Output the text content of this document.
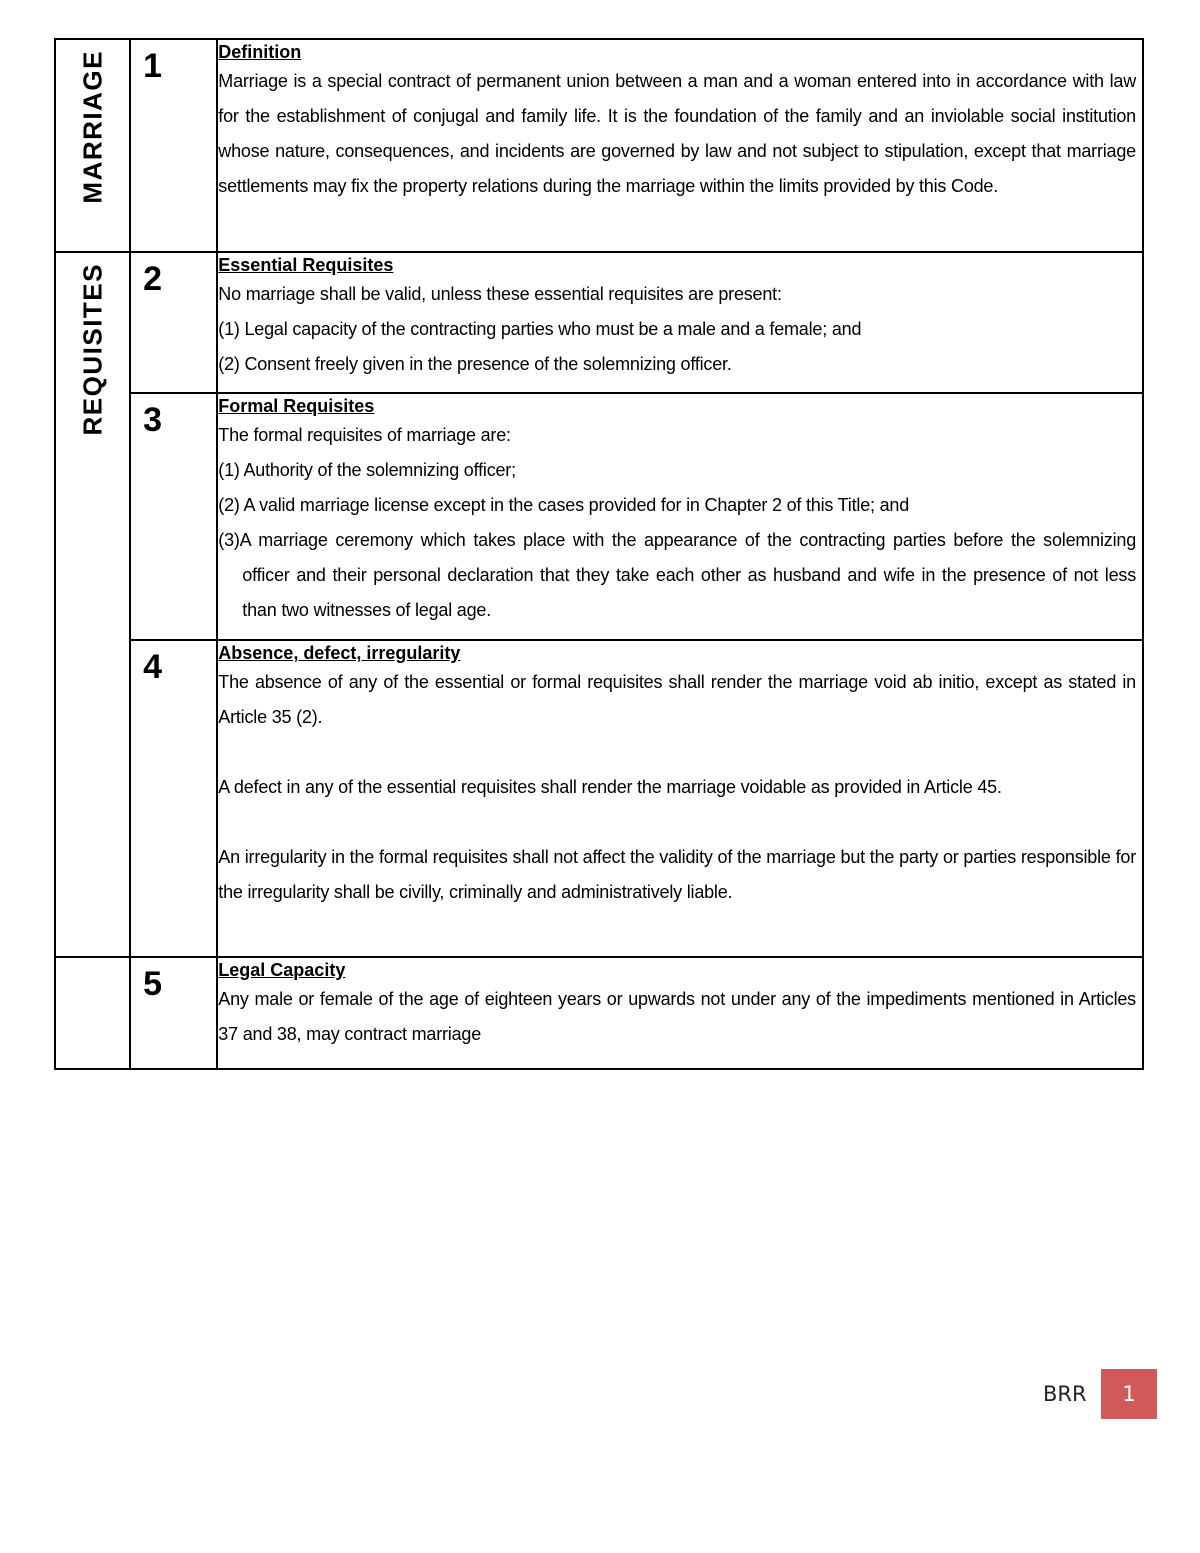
MARRIAGE	1	Definition

Marriage is a special contract of permanent union between a man and a woman entered into in accordance with law for the establishment of conjugal and family life. It is the foundation of the family and an inviolable social institution whose nature, consequences, and incidents are governed by law and not subject to stipulation, except that marriage settlements may fix the property relations during the marriage within the limits provided by this Code.

REQUISITES	2	Essential Requisites

No marriage shall be valid, unless these essential requisites are present:

(1) Legal capacity of the contracting parties who must be a male and a female; and

(2) Consent freely given in the presence of the solemnizing officer.

	3	Formal Requisites

The formal requisites of marriage are:

(1) Authority of the solemnizing officer;

(2) A valid marriage license except in the cases provided for in Chapter 2 of this Title; and

(3)A marriage ceremony which takes place with the appearance of the contracting parties before the solemnizing officer and their personal declaration that they take each other as husband and wife in the presence of not less than two witnesses of legal age.

	4	Absence, defect, irregularity

The absence of any of the essential or formal requisites shall render the marriage void ab initio, except as stated in Article 35 (2).

A defect in any of the essential requisites shall render the marriage voidable as provided in Article 45.

An irregularity in the formal requisites shall not affect the validity of the marriage but the party or parties responsible for the irregularity shall be civilly, criminally and administratively liable.

	5	Legal Capacity

Any male or female of the age of eighteen years or upwards not under any of the impediments mentioned in Articles 37 and 38, may contract marriage

BRR	1
